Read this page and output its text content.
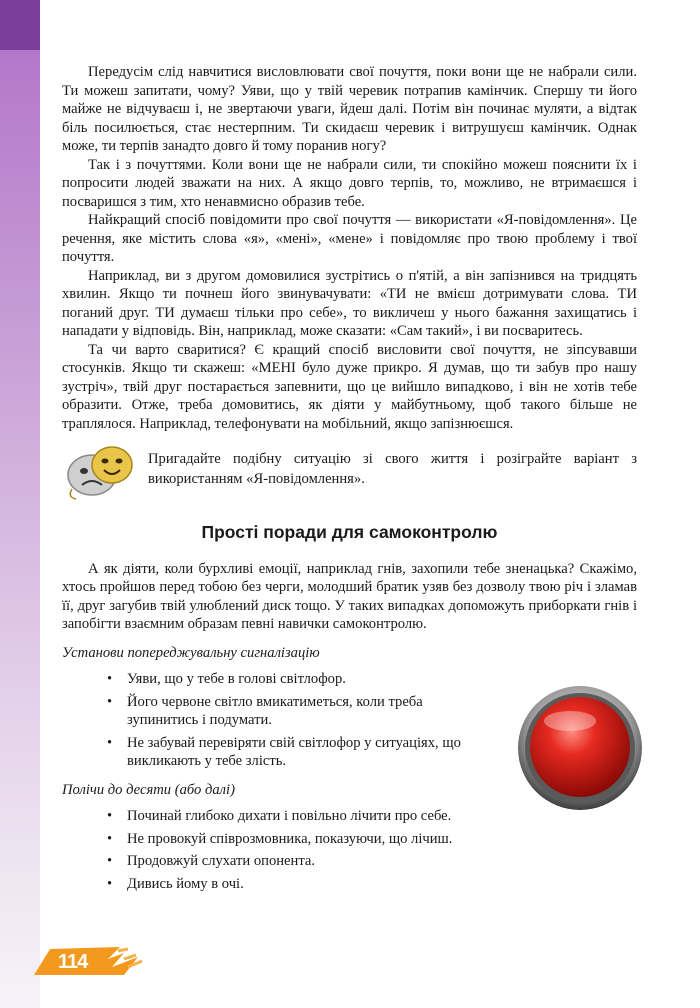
Передусім слід навчитися висловлювати свої почуття, поки вони ще не набрали сили. Ти можеш запитати, чому? Уяви, що у твій черевик потрапив камінчик. Спершу ти його майже не відчуваєш і, не звертаючи уваги, йдеш далі. Потім він починає муляти, а відтак біль посилюється, стає нестерпним. Ти скидаєш черевик і витрушуєш камінчик. Однак може, ти терпів занадто довго й тому поранив ногу?

Так і з почуттями. Коли вони ще не набрали сили, ти спокійно можеш пояснити їх і попросити людей зважати на них. А якщо довго терпів, то, можливо, не втримаєшся і посваришся з тим, хто ненавмисно образив тебе.

Найкращий спосіб повідомити про свої почуття — використати «Я-повідомлення». Це речення, яке містить слова «я», «мені», «мене» і повідомляє про твою проблему і твої почуття.

Наприклад, ви з другом домовилися зустрітись о п'ятій, а він запізнився на тридцять хвилин. Якщо ти почнеш його звинувачувати: «ТИ не вмієш дотримувати слова. ТИ поганий друг. ТИ думаєш тільки про себе», то викличеш у нього бажання захищатись і нападати у відповідь. Він, наприклад, може сказати: «Сам такий», і ви посваритесь.

Та чи варто сваритися? Є кращий спосіб висловити свої почуття, не зіпсувавши стосунків. Якщо ти скажеш: «МЕНІ було дуже прикро. Я думав, що ти забув про нашу зустріч», твій друг постарається запевнити, що це вийшло випадково, і він не хотів тебе образити. Отже, треба домовитись, як діяти у майбутньому, щоб такого більше не траплялося. Наприклад, телефонувати на мобільний, якщо запізнюєшся.

Пригадайте подібну ситуацію зі свого життя і розіграйте варіант з використанням «Я-повідомлення».

Прості поради для самоконтролю

А як діяти, коли бурхливі емоції, наприклад гнів, захопили тебе зненацька? Скажімо, хтось пройшов перед тобою без черги, молодший братик узяв без дозволу твою річ і зламав її, друг загубив твій улюблений диск тощо. У таких випадках допоможуть приборкати гнів і запобігти взаємним образам певні навички самоконтролю.

Установи попереджувальну сигналізацію
• Уяви, що у тебе в голові світлофор.
• Його червоне світло вмикатиметься, коли треба зупинитись і подумати.
• Не забувай перевіряти свій світлофор у ситуаціях, що викликають у тебе злість.
Полічи до десяти (або далі)
• Починай глибоко дихати і повільно лічити про себе.
• Не провокуй співрозмовника, показуючи, що лічиш.
• Продовжуй слухати опонента.
• Дивись йому в очі.
114
